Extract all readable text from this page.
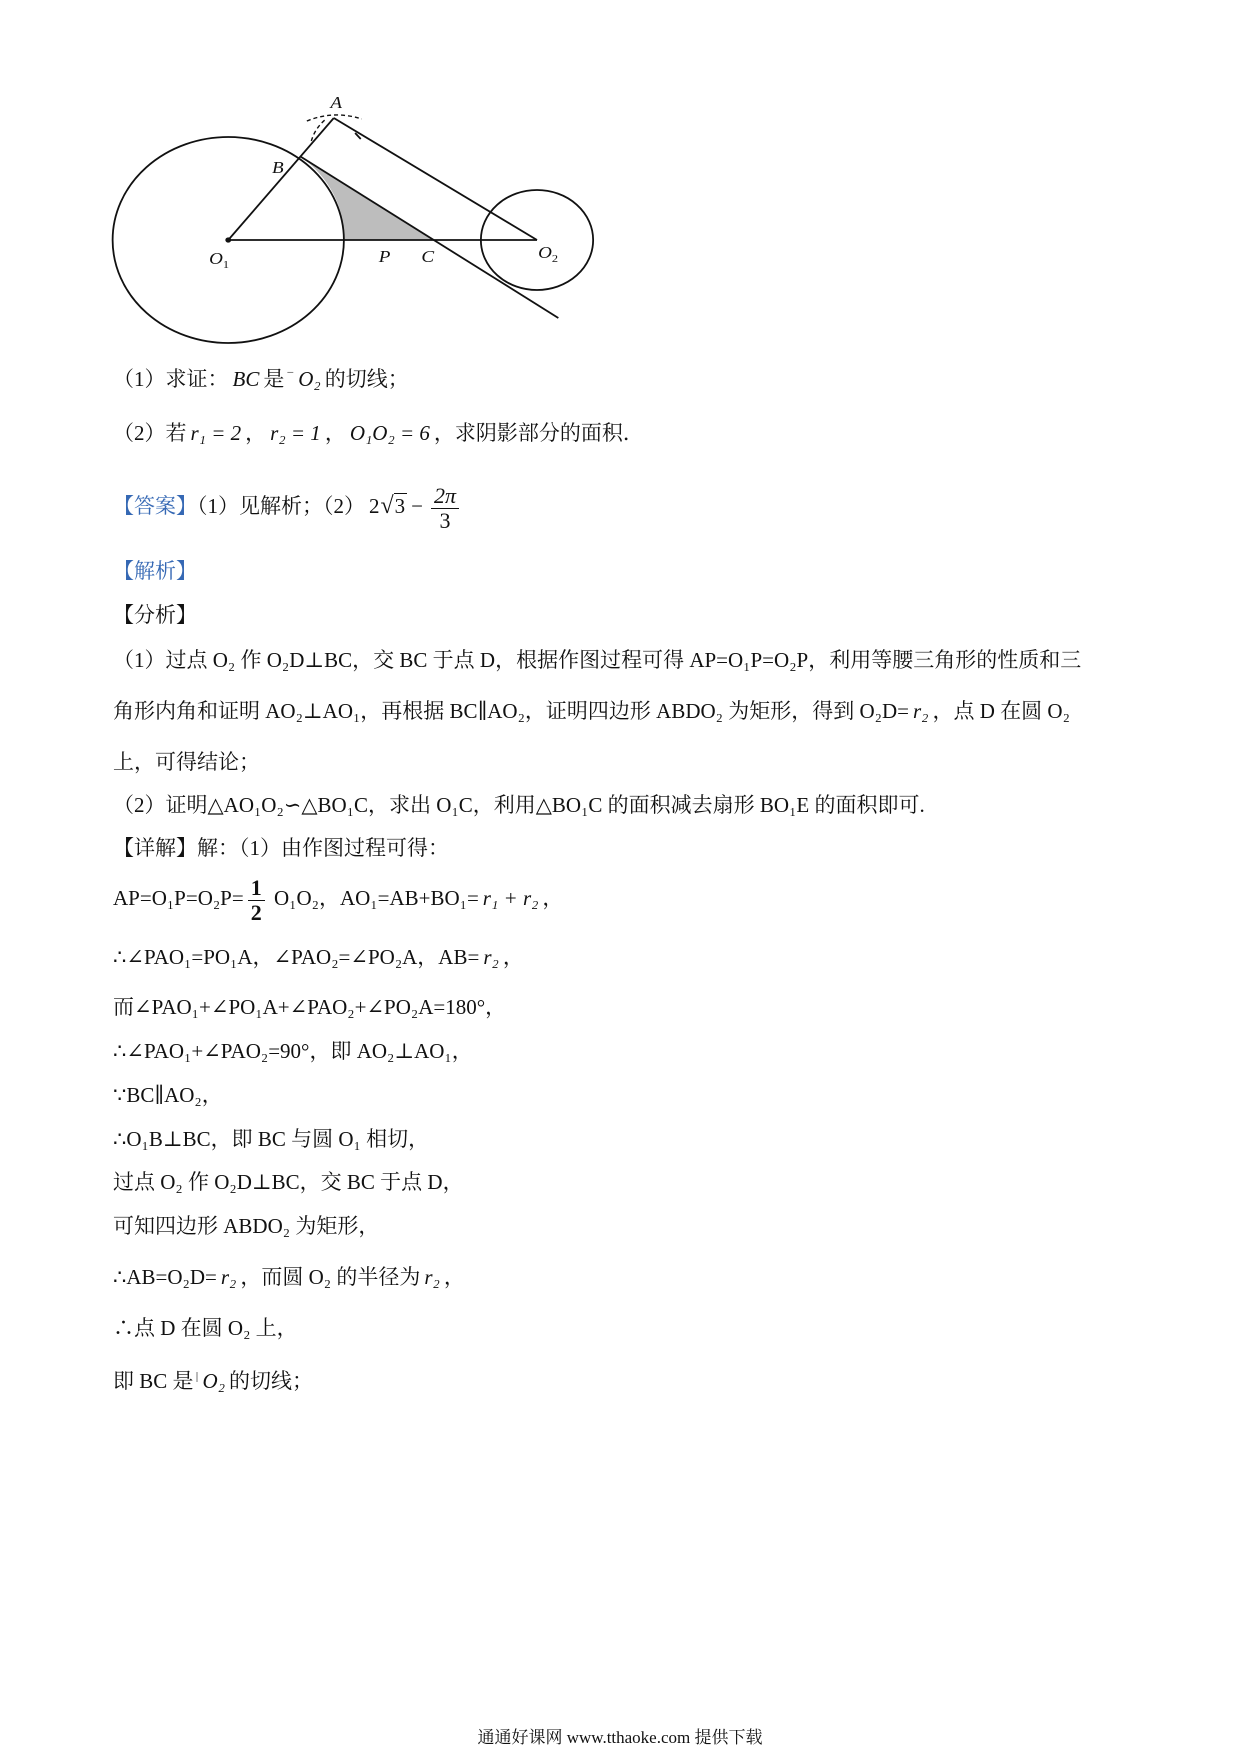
A
B
$O_1$	P C	$O_2$
（1）求证： BC 是 ⁻ O₂ 的切线；
（2）若 r₁ = 2 ， r₂ = 1 ， O₁O₂ = 6 ，求阴影部分的面积．
【答案】（1）见解析；（2） $2√3 - \frac{2\pi}{3}$
【解析】
【分析】
（1）过点 O₂ 作 O₂D⊥BC，交 BC 于点 D，根据作图过程可得 AP=O₁P=O₂P，利用等腰三角形的性质和三
角形内角和证明 AO₂⊥AO₁，再根据 BC∥AO₂，证明四边形 ABDO₂ 为矩形，得到 O₂D= r₂ ，点 D 在圆 O₂
上，可得结论；
（2）证明△AO₁O₂∽△BO₁C，求出 O₁C，利用△BO₁C 的面积减去扇形 BO₁E 的面积即可.
【详解】解：（1）由作图过程可得：
$AP=O_1P=O_2P= \frac{1}{2} O_1O_2$，AO₁=AB+BO₁= r₁ + r₂ ，
∴∠PAO₁=PO₁A，∠PAO₂=∠PO₂A，AB= r₂ ，
而∠PAO₁+∠PO₁A+∠PAO₂+∠PO₂A=180°，
∴∠PAO₁+∠PAO₂=90°，即 AO₂⊥AO₁，
∵BC∥AO₂，
∴O₁B⊥BC，即 BC 与圆 O₁ 相切，
过点 O₂ 作 O₂D⊥BC，交 BC 于点 D，
可知四边形 ABDO₂ 为矩形，
∴AB=O₂D= r₂ ，而圆 O₂ 的半径为 r₂ ，
∴点 D 在圆 O₂ 上，
即 BC 是 $^ǀ$ O₂ 的切线；
通通好课网 www.tthaoke.com 提供下载
